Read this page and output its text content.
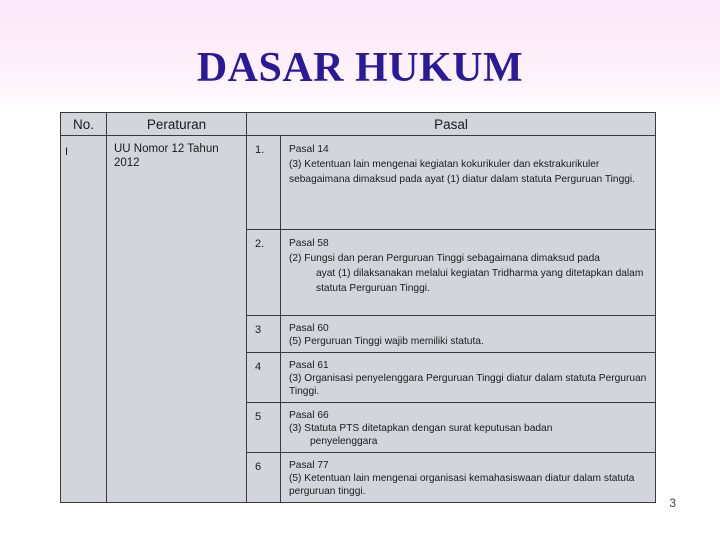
DASAR HUKUM
No.	Peraturan	Pasal	
I	UU Nomor 12 Tahun 2012	1.	Pasal 14
(3) Ketentuan lain mengenai kegiatan kokurikuler dan ekstrakurikuler sebagaimana dimaksud pada ayat (1) diatur dalam statuta Perguruan Tinggi.

		2.	Pasal 58
(2) Fungsi dan peran Perguruan Tinggi sebagaimana dimaksud pada
ayat (1) dilaksanakan melalui kegiatan Tridharma yang ditetapkan dalam statuta Perguruan Tinggi.

		3	Pasal 60
(5) Perguruan Tinggi wajib memiliki statuta.

		4	Pasal 61
(3) Organisasi penyelenggara Perguruan Tinggi diatur dalam statuta Perguruan Tinggi.

		5	Pasal 66
(3) Statuta PTS ditetapkan dengan surat keputusan badan
penyelenggara

		6	Pasal 77
(5) Ketentuan lain mengenai organisasi kemahasiswaan diatur dalam statuta perguruan tinggi.
3
